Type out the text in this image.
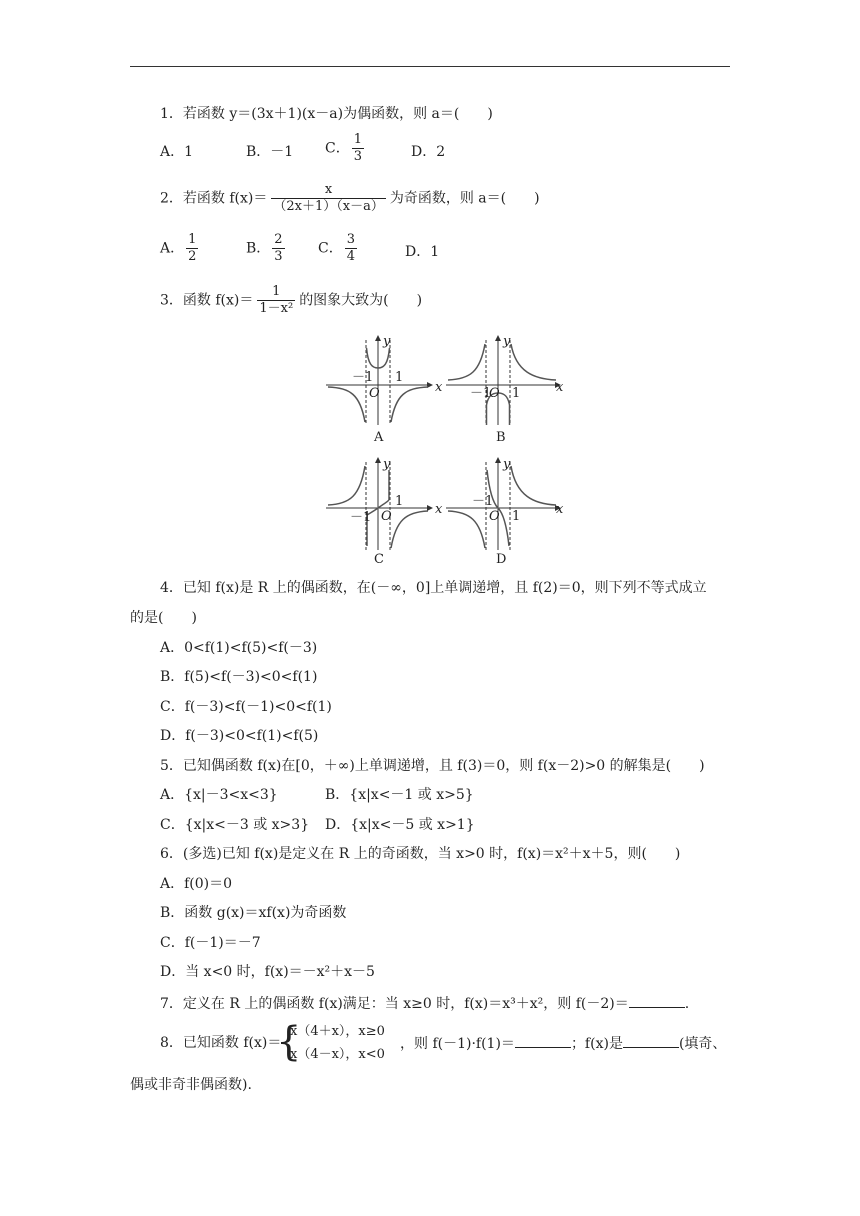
1．若函数 y＝(3x＋1)(x－a)为偶函数，则 a＝(　　)
A．1	B．－1 C． $\frac{1}{3}$	D．2
2．若函数 $f(x)= \frac{x}{(2x+1)(x-a)}$ 为奇函数，则 a＝(　　)
A． $\frac{1}{2}$	B． $\frac{2}{3}$ C． $\frac{3}{4}$	D．1
3．函数 $f(x)= \frac{1}{\text{1－x²}}$ 的图象大致为(　　)
y
x
－1 1
O
A
y
x
－1 1
O
B
y
x
－1
1
O
C
y
x
－1
1
O
D
4．已知 f(x)是 R 上的偶函数，在(－∞，0]上单调递增，且 f(2)＝0，则下列不等式成立
的是(　　)
A．0<f(1)<f(5)<f(－3)
B．f(5)<f(－3)<0<f(1)
C．f(－3)<f(－1)<0<f(1)
D．f(－3)<0<f(1)<f(5)
5．已知偶函数 f(x)在[0，＋∞)上单调递增，且 f(3)＝0，则 f(x－2)>0 的解集是(　　)
A．{x|－3<x<3}	B．{x|x<－1 或 x>5}
C．{x|x<－3 或 x>3} D．{x|x<－5 或 x>1}
6．(多选)已知 f(x)是定义在 R 上的奇函数，当 x>0 时，f(x)＝x²＋x＋5，则(　　)
A．f(0)＝0
B．函数 g(x)＝xf(x)为奇函数
C．f(－1)＝－7
D．当 x<0 时，f(x)＝－x²＋x－5
7．定义在 R 上的偶函数 f(x)满足：当 x≥0 时，f(x)＝x³＋x²，则 f(－2)＝	.
8．已知函数 f(x)＝
{
x（4＋x），x≥0
x（4－x），x<0
，则 f(－1)·f(1)＝	；f(x)是	(填奇、
偶或非奇非偶函数).
